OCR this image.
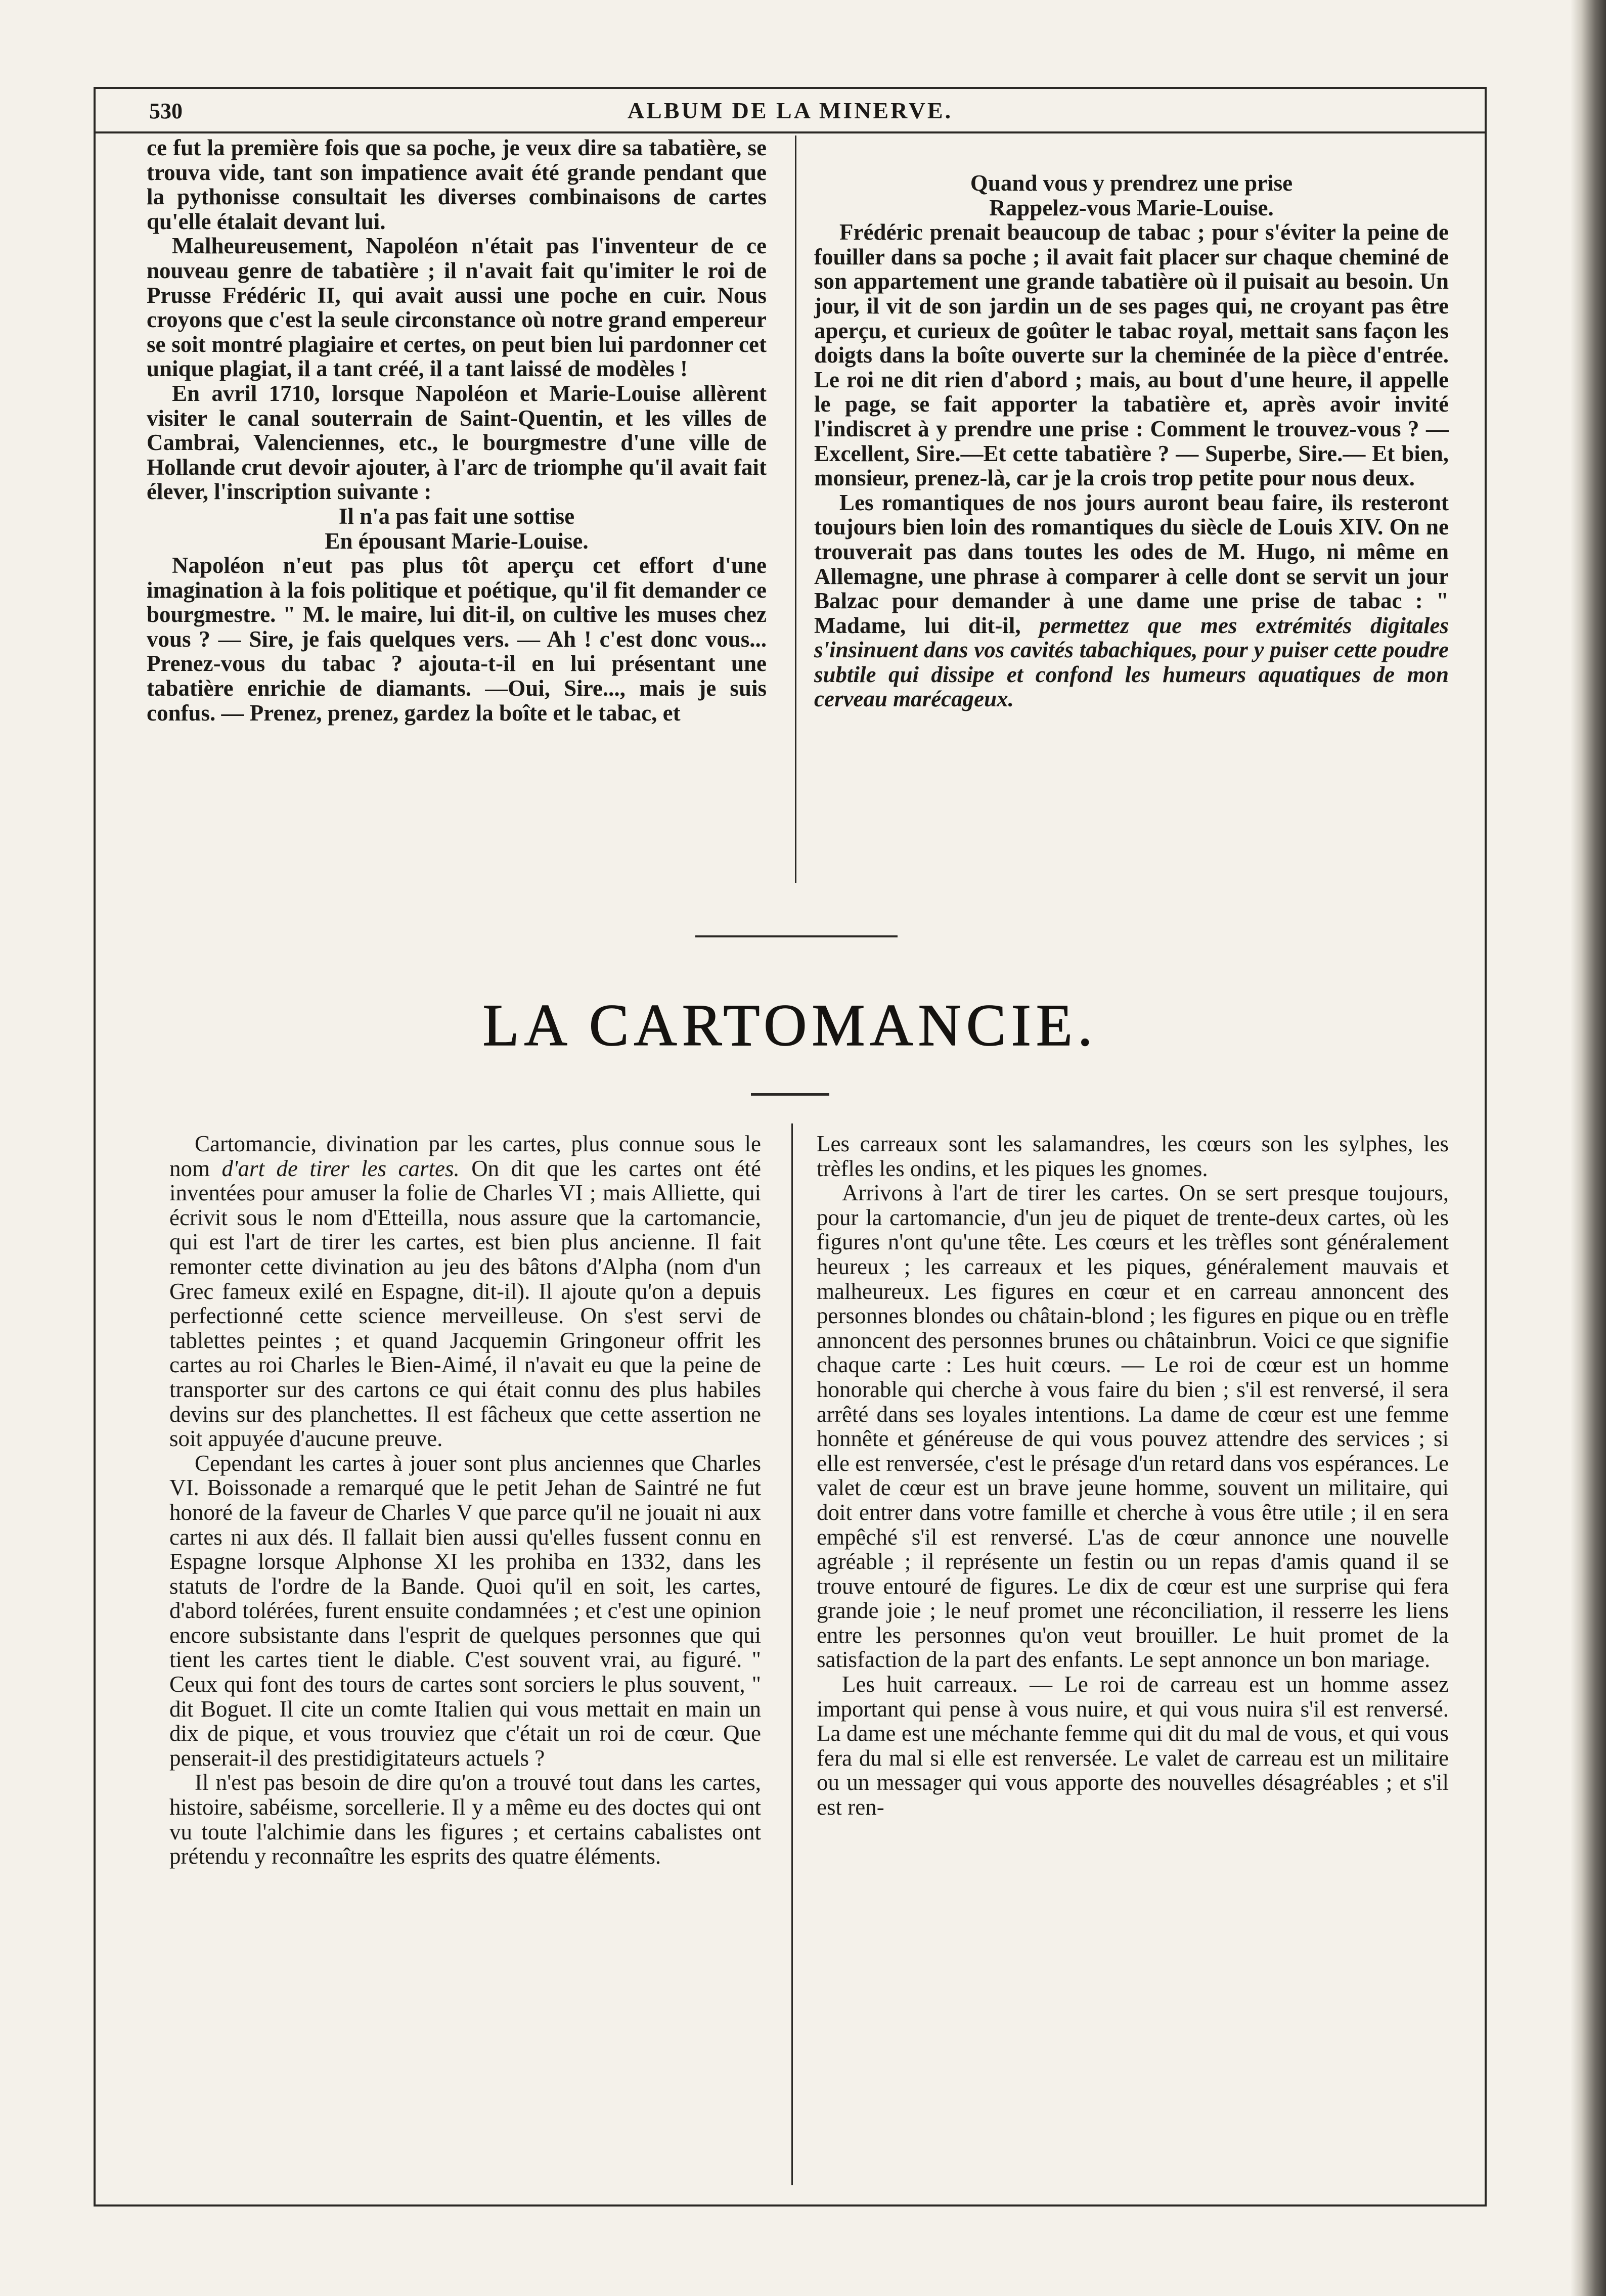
530	ALBUM DE LA MINERVE.

ce fut la première fois que sa poche, je veux dire sa tabatière, se trouva vide, tant son impatience avait été grande pendant que la pythonisse consultait les diverses combinaisons de cartes qu'elle étalait devant lui.

Malheureusement, Napoléon n'était pas l'inventeur de ce nouveau genre de tabatière ; il n'avait fait qu'imiter le roi de Prusse Frédéric II, qui avait aussi une poche en cuir. Nous croyons que c'est la seule circonstance où notre grand empereur se soit montré plagiaire et certes, on peut bien lui pardonner cet unique plagiat, il a tant créé, il a tant laissé de modèles !

En avril 1710, lorsque Napoléon et Marie-Louise allèrent visiter le canal souterrain de Saint-Quentin, et les villes de Cambrai, Valenciennes, etc., le bourgmestre d'une ville de Hollande crut devoir ajouter, à l'arc de triomphe qu'il avait fait élever, l'inscription suivante :

Il n'a pas fait une sottise

En épousant Marie-Louise.

Napoléon n'eut pas plus tôt aperçu cet effort d'une imagination à la fois politique et poétique, qu'il fit demander ce bourgmestre. " M. le maire, lui dit-il, on cultive les muses chez vous ? — Sire, je fais quelques vers. — Ah ! c'est donc vous... Prenez-vous du tabac ? ajouta-t-il en lui présentant une tabatière enrichie de diamants. —Oui, Sire..., mais je suis confus. — Prenez, prenez, gardez la boîte et le tabac, et

Quand vous y prendrez une prise

Rappelez-vous Marie-Louise.

Frédéric prenait beaucoup de tabac ; pour s'éviter la peine de fouiller dans sa poche ; il avait fait placer sur chaque cheminé de son appartement une grande tabatière où il puisait au besoin. Un jour, il vit de son jardin un de ses pages qui, ne croyant pas être aperçu, et curieux de goûter le tabac royal, mettait sans façon les doigts dans la boîte ouverte sur la cheminée de la pièce d'entrée. Le roi ne dit rien d'abord ; mais, au bout d'une heure, il appelle le page, se fait apporter la tabatière et, après avoir invité l'indiscret à y prendre une prise : Comment le trouvez-vous ? — Excellent, Sire.—Et cette tabatière ? — Superbe, Sire.— Et bien, monsieur, prenez-là, car je la crois trop petite pour nous deux.

Les romantiques de nos jours auront beau faire, ils resteront toujours bien loin des romantiques du siècle de Louis XIV. On ne trouverait pas dans toutes les odes de M. Hugo, ni même en Allemagne, une phrase à comparer à celle dont se servit un jour Balzac pour demander à une dame une prise de tabac : " Madame, lui dit-il, permettez que mes extrémités digitales s'insinuent dans vos cavités tabachiques, pour y puiser cette poudre subtile qui dissipe et confond les humeurs aquatiques de mon cerveau marécageux.

LA CARTOMANCIE.

Cartomancie, divination par les cartes, plus connue sous le nom d'art de tirer les cartes. On dit que les cartes ont été inventées pour amuser la folie de Charles VI ; mais Alliette, qui écrivit sous le nom d'Etteilla, nous assure que la cartomancie, qui est l'art de tirer les cartes, est bien plus ancienne. Il fait remonter cette divination au jeu des bâtons d'Alpha (nom d'un Grec fameux exilé en Espagne, dit-il). Il ajoute qu'on a depuis perfectionné cette science merveilleuse. On s'est servi de tablettes peintes ; et quand Jacquemin Gringoneur offrit les cartes au roi Charles le Bien-Aimé, il n'avait eu que la peine de transporter sur des cartons ce qui était connu des plus habiles devins sur des planchettes. Il est fâcheux que cette assertion ne soit appuyée d'aucune preuve.

Cependant les cartes à jouer sont plus anciennes que Charles VI. Boissonade a remarqué que le petit Jehan de Saintré ne fut honoré de la faveur de Charles V que parce qu'il ne jouait ni aux cartes ni aux dés. Il fallait bien aussi qu'elles fussent connu en Espagne lorsque Alphonse XI les prohiba en 1332, dans les statuts de l'ordre de la Bande. Quoi qu'il en soit, les cartes, d'abord tolérées, furent ensuite condamnées ; et c'est une opinion encore subsistante dans l'esprit de quelques personnes que qui tient les cartes tient le diable. C'est souvent vrai, au figuré. " Ceux qui font des tours de cartes sont sorciers le plus souvent, " dit Boguet. Il cite un comte Italien qui vous mettait en main un dix de pique, et vous trouviez que c'était un roi de cœur. Que penserait-il des prestidigitateurs actuels ?

Il n'est pas besoin de dire qu'on a trouvé tout dans les cartes, histoire, sabéisme, sorcellerie. Il y a même eu des doctes qui ont vu toute l'alchimie dans les figures ; et certains cabalistes ont prétendu y reconnaître les esprits des quatre éléments.

Les carreaux sont les salamandres, les cœurs son les sylphes, les trèfles les ondins, et les piques les gnomes.

Arrivons à l'art de tirer les cartes. On se sert presque toujours, pour la cartomancie, d'un jeu de piquet de trente-deux cartes, où les figures n'ont qu'une tête. Les cœurs et les trèfles sont généralement heureux ; les carreaux et les piques, généralement mauvais et malheureux. Les figures en cœur et en carreau annoncent des personnes blondes ou châtain-blond ; les figures en pique ou en trèfle annoncent des personnes brunes ou châtainbrun. Voici ce que signifie chaque carte : Les huit cœurs. — Le roi de cœur est un homme honorable qui cherche à vous faire du bien ; s'il est renversé, il sera arrêté dans ses loyales intentions. La dame de cœur est une femme honnête et généreuse de qui vous pouvez attendre des services ; si elle est renversée, c'est le présage d'un retard dans vos espérances. Le valet de cœur est un brave jeune homme, souvent un militaire, qui doit entrer dans votre famille et cherche à vous être utile ; il en sera empêché s'il est renversé. L'as de cœur annonce une nouvelle agréable ; il représente un festin ou un repas d'amis quand il se trouve entouré de figures. Le dix de cœur est une surprise qui fera grande joie ; le neuf promet une réconciliation, il resserre les liens entre les personnes qu'on veut brouiller. Le huit promet de la satisfaction de la part des enfants. Le sept annonce un bon mariage.

Les huit carreaux. — Le roi de carreau est un homme assez important qui pense à vous nuire, et qui vous nuira s'il est renversé. La dame est une méchante femme qui dit du mal de vous, et qui vous fera du mal si elle est renversée. Le valet de carreau est un militaire ou un messager qui vous apporte des nouvelles désagréables ; et s'il est ren-
